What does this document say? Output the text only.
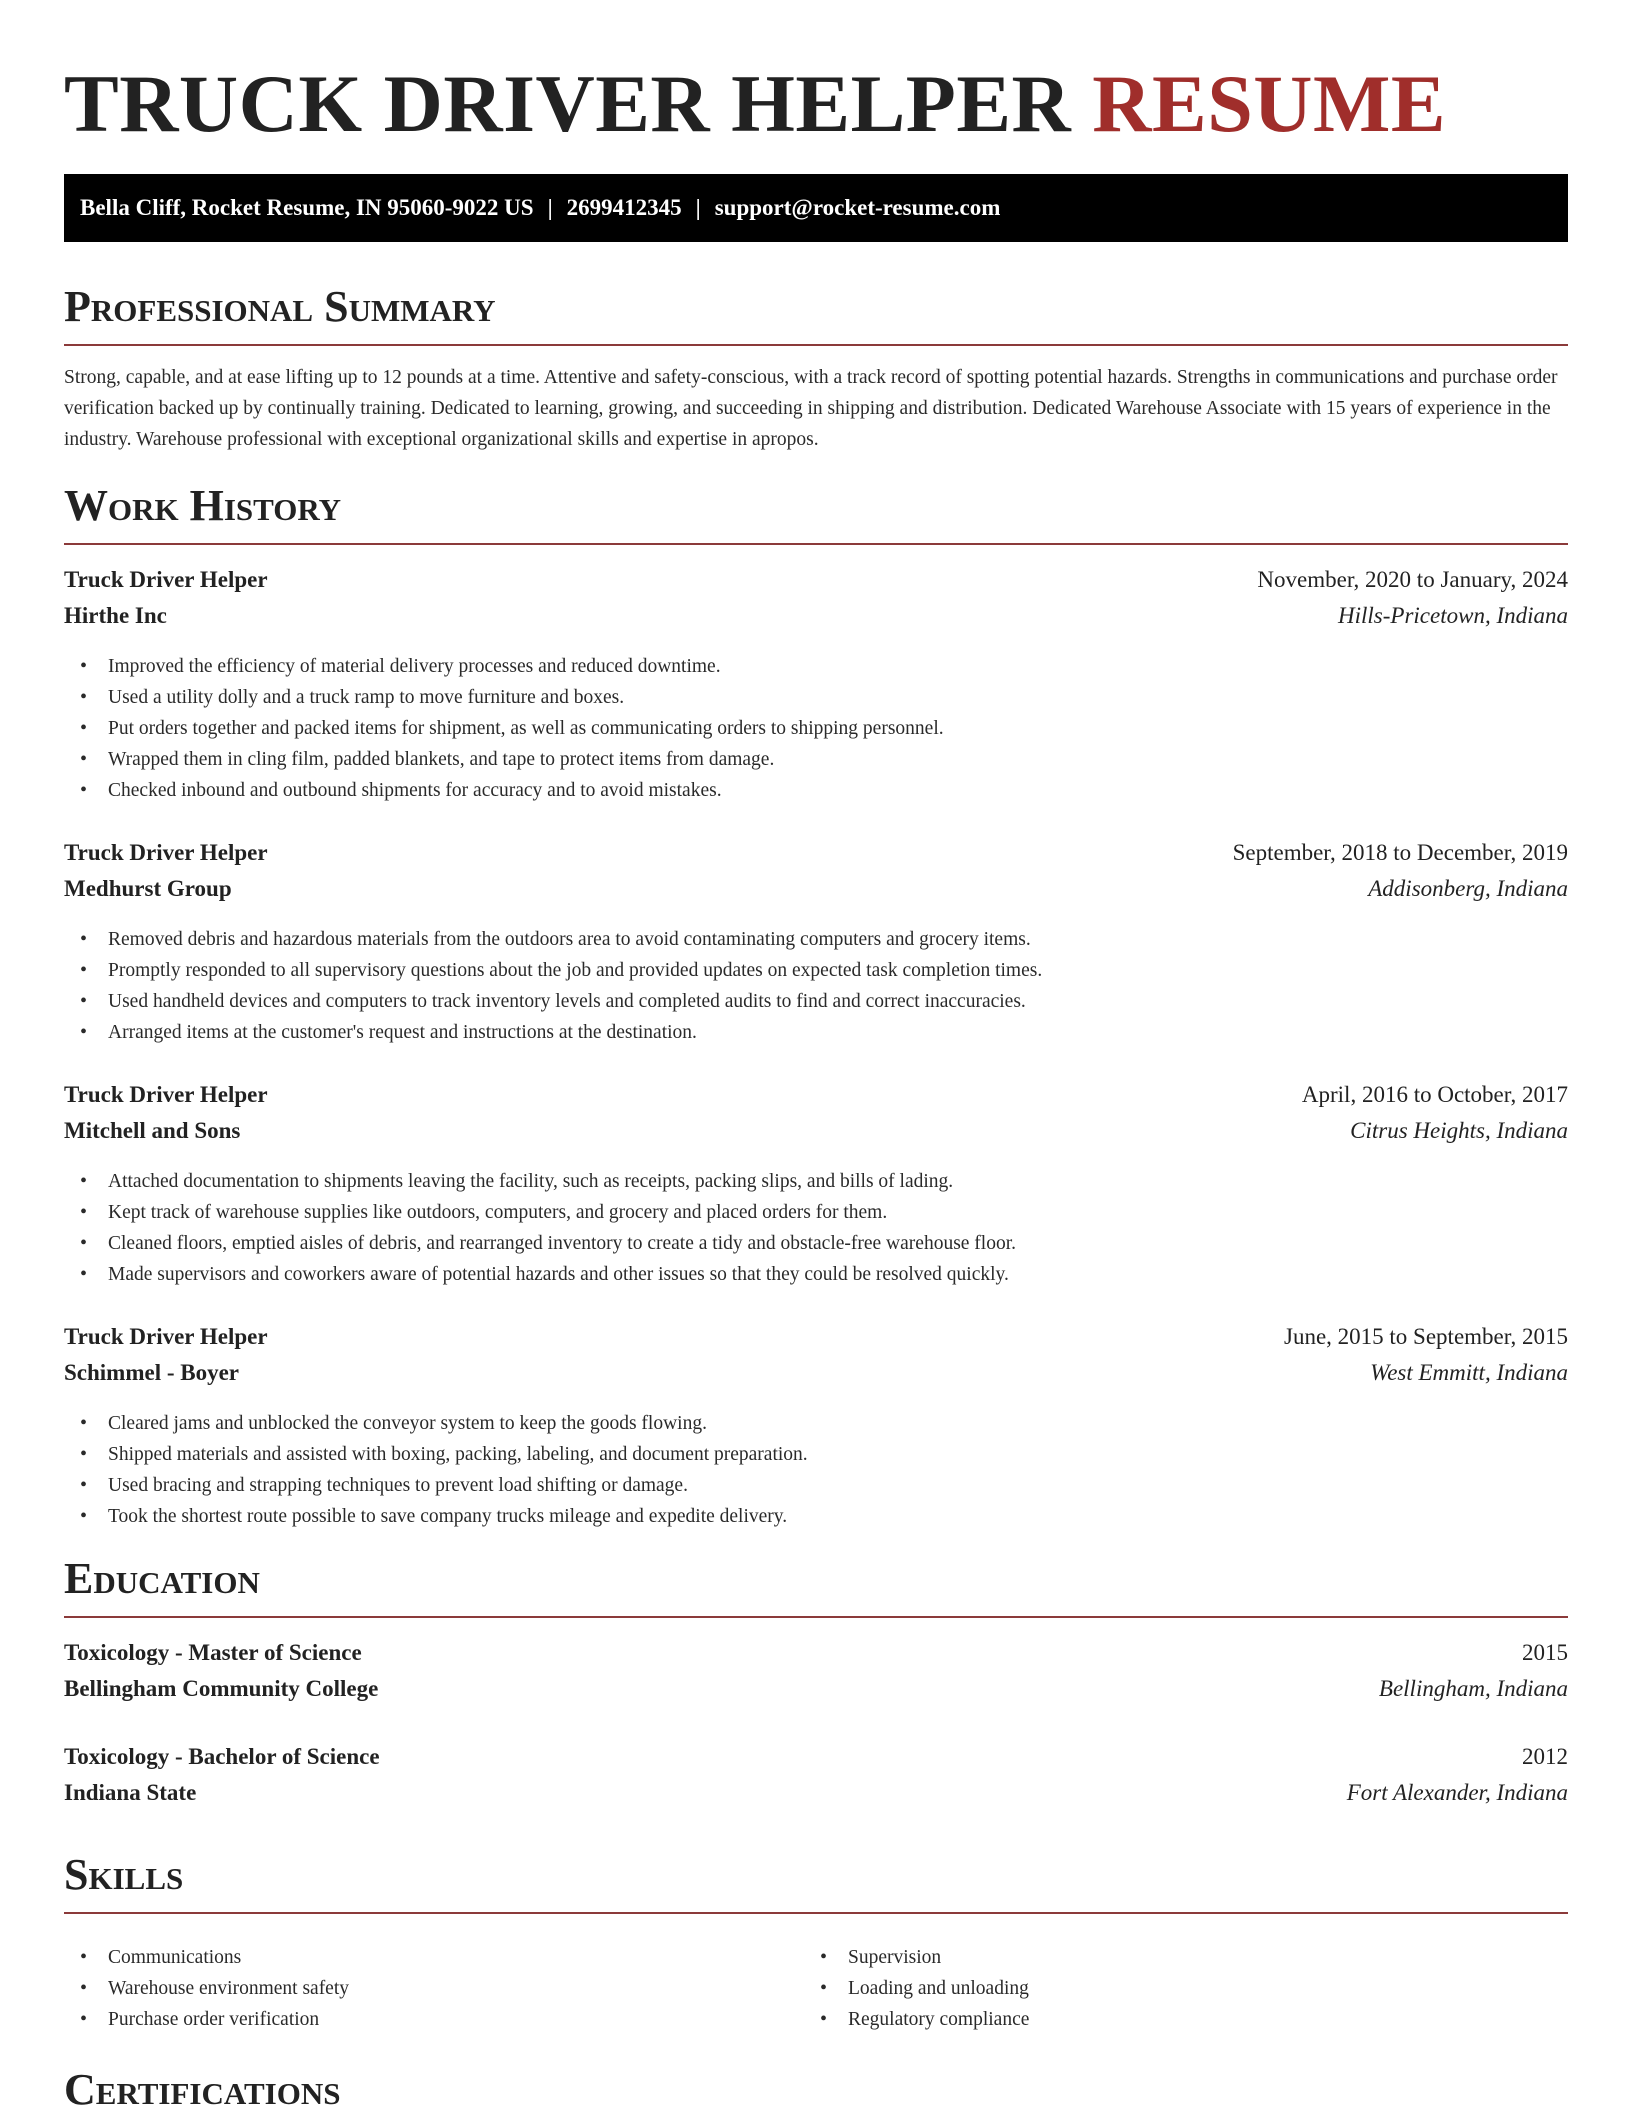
TRUCK DRIVER HELPER RESUME
Bella Cliff, Rocket Resume, IN 95060-9022 US | 2699412345 | support@rocket-resume.com
Professional Summary

Strong, capable, and at ease lifting up to 12 pounds at a time. Attentive and safety-conscious, with a track record of spotting potential hazards. Strengths in communications and purchase order verification backed up by continually training. Dedicated to learning, growing, and succeeding in shipping and distribution. Dedicated Warehouse Associate with 15 years of experience in the industry. Warehouse professional with exceptional organizational skills and expertise in apropos.

Work History
Truck Driver Helper	November, 2020 to January, 2024
Hirthe Inc	Hills-Pricetown, Indiana
• Improved the efficiency of material delivery processes and reduced downtime.
• Used a utility dolly and a truck ramp to move furniture and boxes.
• Put orders together and packed items for shipment, as well as communicating orders to shipping personnel.
• Wrapped them in cling film, padded blankets, and tape to protect items from damage.
• Checked inbound and outbound shipments for accuracy and to avoid mistakes.
Truck Driver Helper	September, 2018 to December, 2019
Medhurst Group	Addisonberg, Indiana
• Removed debris and hazardous materials from the outdoors area to avoid contaminating computers and grocery items.
• Promptly responded to all supervisory questions about the job and provided updates on expected task completion times.
• Used handheld devices and computers to track inventory levels and completed audits to find and correct inaccuracies.
• Arranged items at the customer's request and instructions at the destination.
Truck Driver Helper	April, 2016 to October, 2017
Mitchell and Sons	Citrus Heights, Indiana
• Attached documentation to shipments leaving the facility, such as receipts, packing slips, and bills of lading.
• Kept track of warehouse supplies like outdoors, computers, and grocery and placed orders for them.
• Cleaned floors, emptied aisles of debris, and rearranged inventory to create a tidy and obstacle-free warehouse floor.
• Made supervisors and coworkers aware of potential hazards and other issues so that they could be resolved quickly.
Truck Driver Helper	June, 2015 to September, 2015
Schimmel - Boyer	West Emmitt, Indiana
• Cleared jams and unblocked the conveyor system to keep the goods flowing.
• Shipped materials and assisted with boxing, packing, labeling, and document preparation.
• Used bracing and strapping techniques to prevent load shifting or damage.
• Took the shortest route possible to save company trucks mileage and expedite delivery.
Education
Toxicology - Master of Science	2015
Bellingham Community College	Bellingham, Indiana
Toxicology - Bachelor of Science	2012
Indiana State	Fort Alexander, Indiana
Skills
• Communications
• Warehouse environment safety
• Purchase order verification
• Supervision
• Loading and unloading
• Regulatory compliance
Certifications
